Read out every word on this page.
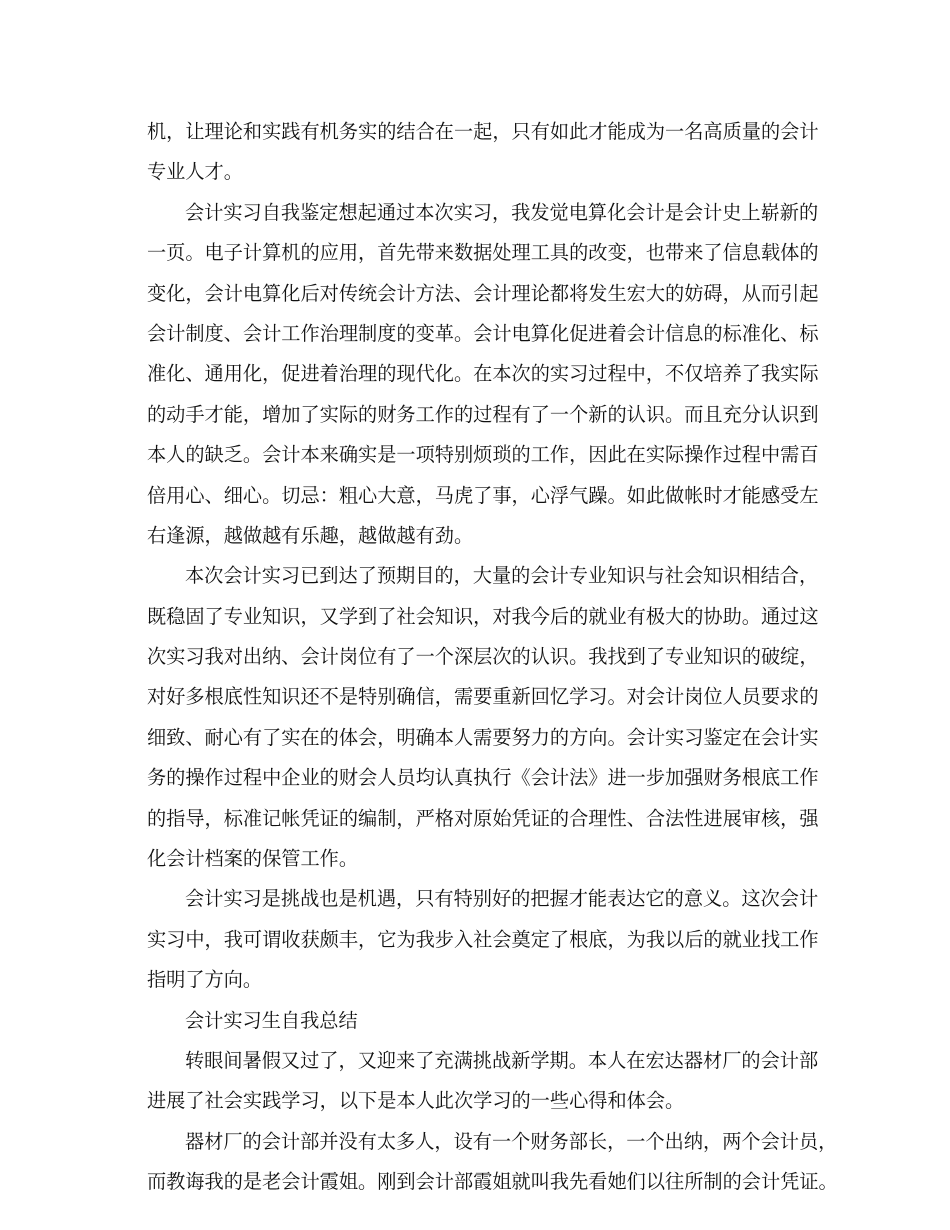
机，让理论和实践有机务实的结合在一起，只有如此才能成为一名高质量的会计
专业人才。
会计实习自我鉴定想起通过本次实习，我发觉电算化会计是会计史上崭新的
一页。电子计算机的应用，首先带来数据处理工具的改变，也带来了信息载体的
变化，会计电算化后对传统会计方法、会计理论都将发生宏大的妨碍，从而引起
会计制度、会计工作治理制度的变革。会计电算化促进着会计信息的标准化、标
准化、通用化，促进着治理的现代化。在本次的实习过程中，不仅培养了我实际
的动手才能，增加了实际的财务工作的过程有了一个新的认识。而且充分认识到
本人的缺乏。会计本来确实是一项特别烦琐的工作，因此在实际操作过程中需百
倍用心、细心。切忌：粗心大意，马虎了事，心浮气躁。如此做帐时才能感受左
右逢源，越做越有乐趣，越做越有劲。
本次会计实习已到达了预期目的，大量的会计专业知识与社会知识相结合，
既稳固了专业知识，又学到了社会知识，对我今后的就业有极大的协助。通过这
次实习我对出纳、会计岗位有了一个深层次的认识。我找到了专业知识的破绽，
对好多根底性知识还不是特别确信，需要重新回忆学习。对会计岗位人员要求的
细致、耐心有了实在的体会，明确本人需要努力的方向。会计实习鉴定在会计实
务的操作过程中企业的财会人员均认真执行《会计法》进一步加强财务根底工作
的指导，标准记帐凭证的编制，严格对原始凭证的合理性、合法性进展审核，强
化会计档案的保管工作。
会计实习是挑战也是机遇，只有特别好的把握才能表达它的意义。这次会计
实习中，我可谓收获颇丰，它为我步入社会奠定了根底，为我以后的就业找工作
指明了方向。
会计实习生自我总结
转眼间暑假又过了，又迎来了充满挑战新学期。本人在宏达器材厂的会计部
进展了社会实践学习，以下是本人此次学习的一些心得和体会。
器材厂的会计部并没有太多人，设有一个财务部长，一个出纳，两个会计员，
而教诲我的是老会计霞姐。刚到会计部霞姐就叫我先看她们以往所制的会计凭证。
